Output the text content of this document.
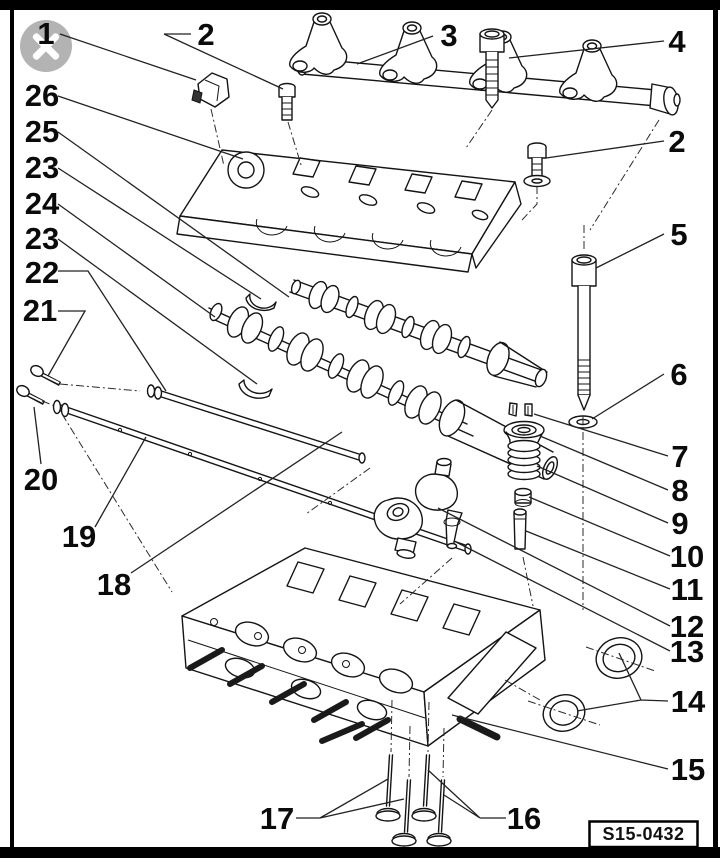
1	2	3	4
2
5
6
7
8
9
10
11
12
13
14
15
16
17
18
19
20
21
22
23
24
23
25
26
S15-0432
